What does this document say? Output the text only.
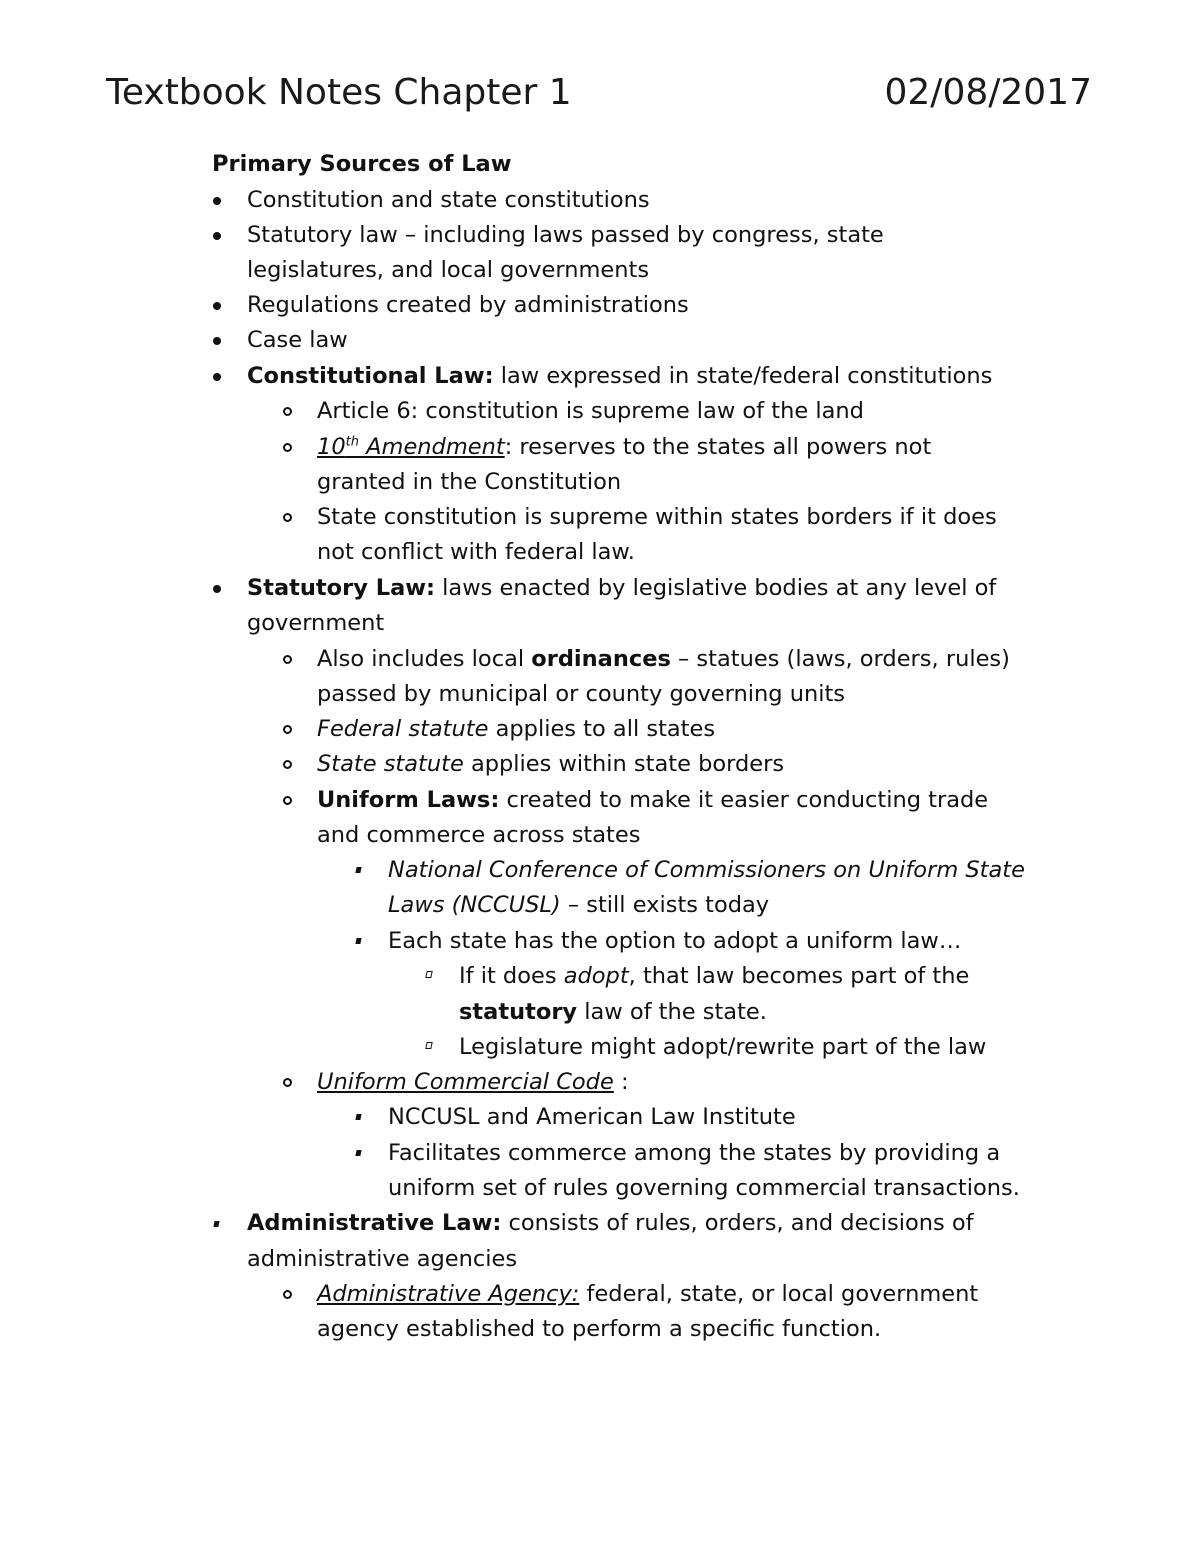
Textbook Notes Chapter 1	02/08/2017
Primary Sources of Law
Constitution and state constitutions
Statutory law – including laws passed by congress, state
legislatures, and local governments
Regulations created by administrations
Case law
Constitutional Law: law expressed in state/federal constitutions
Article 6: constitution is supreme law of the land
10th Amendment: reserves to the states all powers not
granted in the Constitution
State constitution is supreme within states borders if it does
not conflict with federal law.
Statutory Law: laws enacted by legislative bodies at any level of
government
Also includes local ordinances – statues (laws, orders, rules)
passed by municipal or county governing units
Federal statute applies to all states
State statute applies within state borders
Uniform Laws: created to make it easier conducting trade
and commerce across states
National Conference of Commissioners on Uniform State
Laws (NCCUSL) – still exists today
Each state has the option to adopt a uniform law…
If it does adopt, that law becomes part of the
statutory law of the state.
Legislature might adopt/rewrite part of the law
Uniform Commercial Code :
NCCUSL and American Law Institute
Facilitates commerce among the states by providing a
uniform set of rules governing commercial transactions.
Administrative Law: consists of rules, orders, and decisions of
administrative agencies
Administrative Agency: federal, state, or local government
agency established to perform a specific function.
